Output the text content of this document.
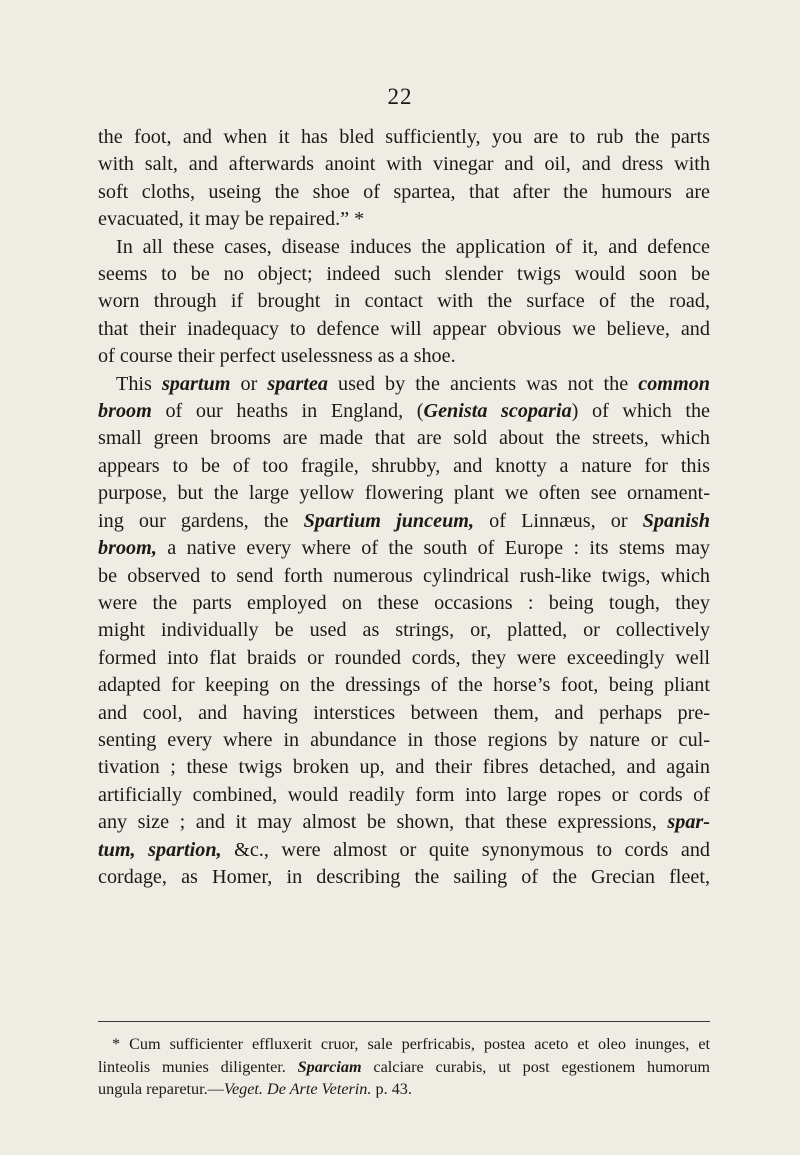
22
the foot, and when it has bled sufficiently, you are to rub the parts
with salt, and afterwards anoint with vinegar and oil, and dress with
soft cloths, useing the shoe of spartea, that after the humours are
evacuated, it may be repaired.” *
In all these cases, disease induces the application of it, and defence
seems to be no object; indeed such slender twigs would soon be
worn through if brought in contact with the surface of the road,
that their inadequacy to defence will appear obvious we believe, and
of course their perfect uselessness as a shoe.
This spartum or spartea used by the ancients was not the common
broom of our heaths in England, (Genista scoparia) of which the
small green brooms are made that are sold about the streets, which
appears to be of too fragile, shrubby, and knotty a nature for this
purpose, but the large yellow flowering plant we often see ornament-
ing our gardens, the Spartium junceum, of Linnæus, or Spanish
broom, a native every where of the south of Europe : its stems may
be observed to send forth numerous cylindrical rush-like twigs, which
were the parts employed on these occasions : being tough, they
might individually be used as strings, or, platted, or collectively
formed into flat braids or rounded cords, they were exceedingly well
adapted for keeping on the dressings of the horse’s foot, being pliant
and cool, and having interstices between them, and perhaps pre-
senting every where in abundance in those regions by nature or cul-
tivation ; these twigs broken up, and their fibres detached, and again
artificially combined, would readily form into large ropes or cords of
any size ; and it may almost be shown, that these expressions, spar-
tum, spartion, &c., were almost or quite synonymous to cords and
cordage, as Homer, in describing the sailing of the Grecian fleet,
* Cum sufficienter effluxerit cruor, sale perfricabis, postea aceto et oleo inunges, et
linteolis munies diligenter. Sparciam calciare curabis, ut post egestionem humorum
ungula reparetur.—Veget. De Arte Veterin. p. 43.
